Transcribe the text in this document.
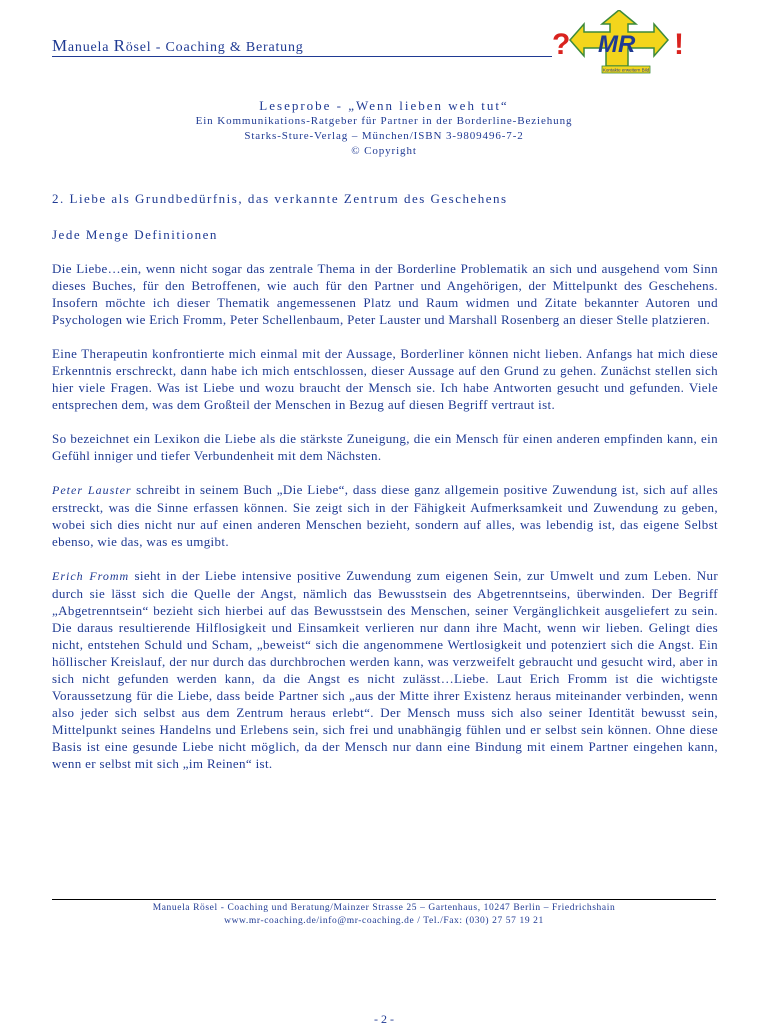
Manuela Rösel - Coaching & Beratung	? MR !
Kontakte erweitern Bild
Leseprobe - „Wenn lieben weh tut“
Ein Kommunikations-Ratgeber für Partner in der Borderline-Beziehung
Starks-Sture-Verlag – München/ISBN 3-9809496-7-2
© Copyright
2. Liebe als Grundbedürfnis, das verkannte Zentrum des Geschehens
Jede Menge Definitionen

Die Liebe…ein, wenn nicht sogar das zentrale Thema in der Borderline Problematik an sich und ausgehend vom Sinn dieses Buches, für den Betroffenen, wie auch für den Partner und Angehörigen, der Mittelpunkt des Geschehens. Insofern möchte ich dieser Thematik angemessenen Platz und Raum widmen und Zitate bekannter Autoren und Psychologen wie Erich Fromm, Peter Schellenbaum, Peter Lauster und Marshall Rosenberg an dieser Stelle platzieren.

Eine Therapeutin konfrontierte mich einmal mit der Aussage, Borderliner können nicht lieben. Anfangs hat mich diese Erkenntnis erschreckt, dann habe ich mich entschlossen, dieser Aussage auf den Grund zu gehen. Zunächst stellen sich hier viele Fragen. Was ist Liebe und wozu braucht der Mensch sie. Ich habe Antworten gesucht und gefunden. Viele entsprechen dem, was dem Großteil der Menschen in Bezug auf diesen Begriff vertraut ist.

So bezeichnet ein Lexikon die Liebe als die stärkste Zuneigung, die ein Mensch für einen anderen empfinden kann, ein Gefühl inniger und tiefer Verbundenheit mit dem Nächsten.

Peter Lauster schreibt in seinem Buch „Die Liebe“, dass diese ganz allgemein positive Zuwendung ist, sich auf alles erstreckt, was die Sinne erfassen können. Sie zeigt sich in der Fähigkeit Aufmerksamkeit und Zuwendung zu geben, wobei sich dies nicht nur auf einen anderen Menschen bezieht, sondern auf alles, was lebendig ist, das eigene Selbst ebenso, wie das, was es umgibt.

Erich Fromm sieht in der Liebe intensive positive Zuwendung zum eigenen Sein, zur Umwelt und zum Leben. Nur durch sie lässt sich die Quelle der Angst, nämlich das Bewusstsein des Abgetrenntseins, überwinden. Der Begriff „Abgetrenntsein“ bezieht sich hierbei auf das Bewusstsein des Menschen, seiner Vergänglichkeit ausgeliefert zu sein. Die daraus resultierende Hilflosigkeit und Einsamkeit verlieren nur dann ihre Macht, wenn wir lieben. Gelingt dies nicht, entstehen Schuld und Scham, „beweist“ sich die angenommene Wertlosigkeit und potenziert sich die Angst. Ein höllischer Kreislauf, der nur durch das durchbrochen werden kann, was verzweifelt gebraucht und gesucht wird, aber in sich nicht gefunden werden kann, da die Angst es nicht zulässt…Liebe. Laut Erich Fromm ist die wichtigste Voraussetzung für die Liebe, dass beide Partner sich „aus der Mitte ihrer Existenz heraus miteinander verbinden, wenn also jeder sich selbst aus dem Zentrum heraus erlebt“. Der Mensch muss sich also seiner Identität bewusst sein, Mittelpunkt seines Handelns und Erlebens sein, sich frei und unabhängig fühlen und er selbst sein können. Ohne diese Basis ist eine gesunde Liebe nicht möglich, da der Mensch nur dann eine Bindung mit einem Partner eingehen kann, wenn er selbst mit sich „im Reinen“ ist.

Manuela Rösel - Coaching und Beratung/Mainzer Strasse 25 – Gartenhaus, 10247 Berlin – Friedrichshain
www.mr-coaching.de/info@mr-coaching.de / Tel./Fax: (030) 27 57 19 21
- 2 -
